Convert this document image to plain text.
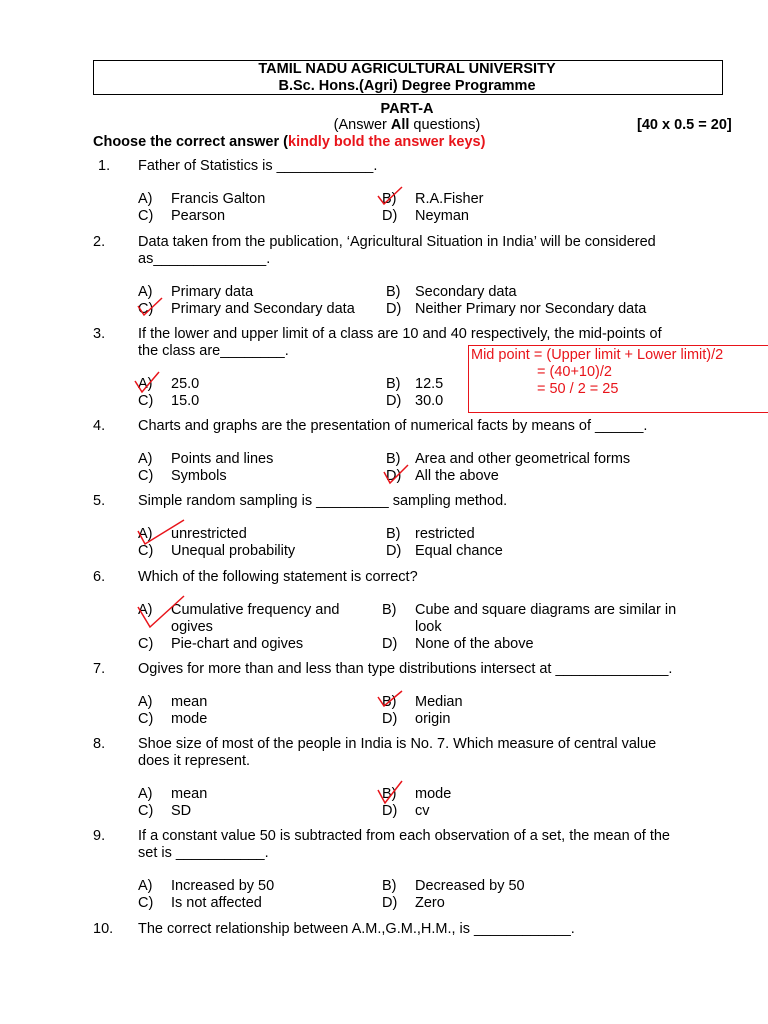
TAMIL NADU AGRICULTURAL UNIVERSITY
B.Sc. Hons.(Agri) Degree Programme
PART-A
(Answer All questions)	[40 x 0.5 = 20]
Choose the correct answer (kindly bold the answer keys)
1. Father of Statistics is ____________.
A) Francis Galton
C) Pearson
B) R.A.Fisher
D) Neyman
2. Data taken from the publication, ‘Agricultural Situation in India’ will be considered
as______________.
A) Primary data
C) Primary and Secondary data
B) Secondary data
D) Neither Primary nor Secondary data
3. If the lower and upper limit of a class are 10 and 40 respectively, the mid-points of
the class are________.
A) 25.0
C) 15.0
B) 12.5
D) 30.0
Mid point = (Upper limit + Lower limit)/2
= (40+10)/2
= 50 / 2 = 25
4. Charts and graphs are the presentation of numerical facts by means of ______.
A) Points and lines
C) Symbols
B) Area and other geometrical forms
D) All the above
5. Simple random sampling is _________ sampling method.
A) unrestricted
C) Unequal probability
B) restricted
D) Equal chance
6. Which of the following statement is correct?
A) Cumulative frequency and
ogives
C) Pie-chart and ogives
B) Cube and square diagrams are similar in
look
D) None of the above
7. Ogives for more than and less than type distributions intersect at ______________.
A) mean
C) mode
B) Median
D) origin
8. Shoe size of most of the people in India is No. 7. Which measure of central value
does it represent.
A) mean
C) SD
B) mode
D) cv
9. If a constant value 50 is subtracted from each observation of a set, the mean of the
set is ___________.
A) Increased by 50
C) Is not affected
B) Decreased by 50
D) Zero
10. The correct relationship between A.M.,G.M.,H.M., is ____________.
